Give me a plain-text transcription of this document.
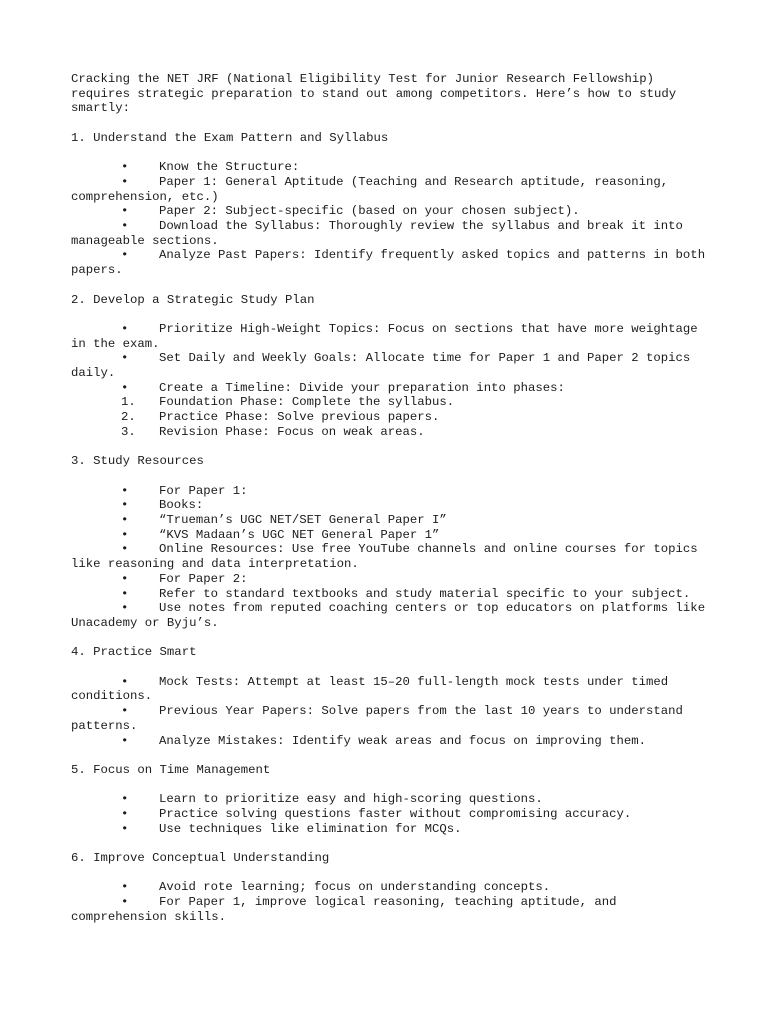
Cracking the NET JRF (National Eligibility Test for Junior Research Fellowship) requires strategic preparation to stand out among competitors. Here’s how to study smartly:

1. Understand the Exam Pattern and Syllabus

• Know the Structure:

• Paper 1: General Aptitude (Teaching and Research aptitude, reasoning, comprehension, etc.)

• Paper 2: Subject-specific (based on your chosen subject).

• Download the Syllabus: Thoroughly review the syllabus and break it into manageable sections.

• Analyze Past Papers: Identify frequently asked topics and patterns in both papers.

2. Develop a Strategic Study Plan

• Prioritize High-Weight Topics: Focus on sections that have more weightage in the exam.

• Set Daily and Weekly Goals: Allocate time for Paper 1 and Paper 2 topics daily.

• Create a Timeline: Divide your preparation into phases:

1. Foundation Phase: Complete the syllabus.

2. Practice Phase: Solve previous papers.

3. Revision Phase: Focus on weak areas.

3. Study Resources

• For Paper 1:

• Books:

• “Trueman’s UGC NET/SET General Paper I”

• “KVS Madaan’s UGC NET General Paper 1”

• Online Resources: Use free YouTube channels and online courses for topics like reasoning and data interpretation.

• For Paper 2:

• Refer to standard textbooks and study material specific to your subject.

• Use notes from reputed coaching centers or top educators on platforms like Unacademy or Byju’s.

4. Practice Smart

• Mock Tests: Attempt at least 15–20 full-length mock tests under timed conditions.

• Previous Year Papers: Solve papers from the last 10 years to understand patterns.

• Analyze Mistakes: Identify weak areas and focus on improving them.

5. Focus on Time Management

• Learn to prioritize easy and high-scoring questions.

• Practice solving questions faster without compromising accuracy.

• Use techniques like elimination for MCQs.

6. Improve Conceptual Understanding

• Avoid rote learning; focus on understanding concepts.

• For Paper 1, improve logical reasoning, teaching aptitude, and comprehension skills.
